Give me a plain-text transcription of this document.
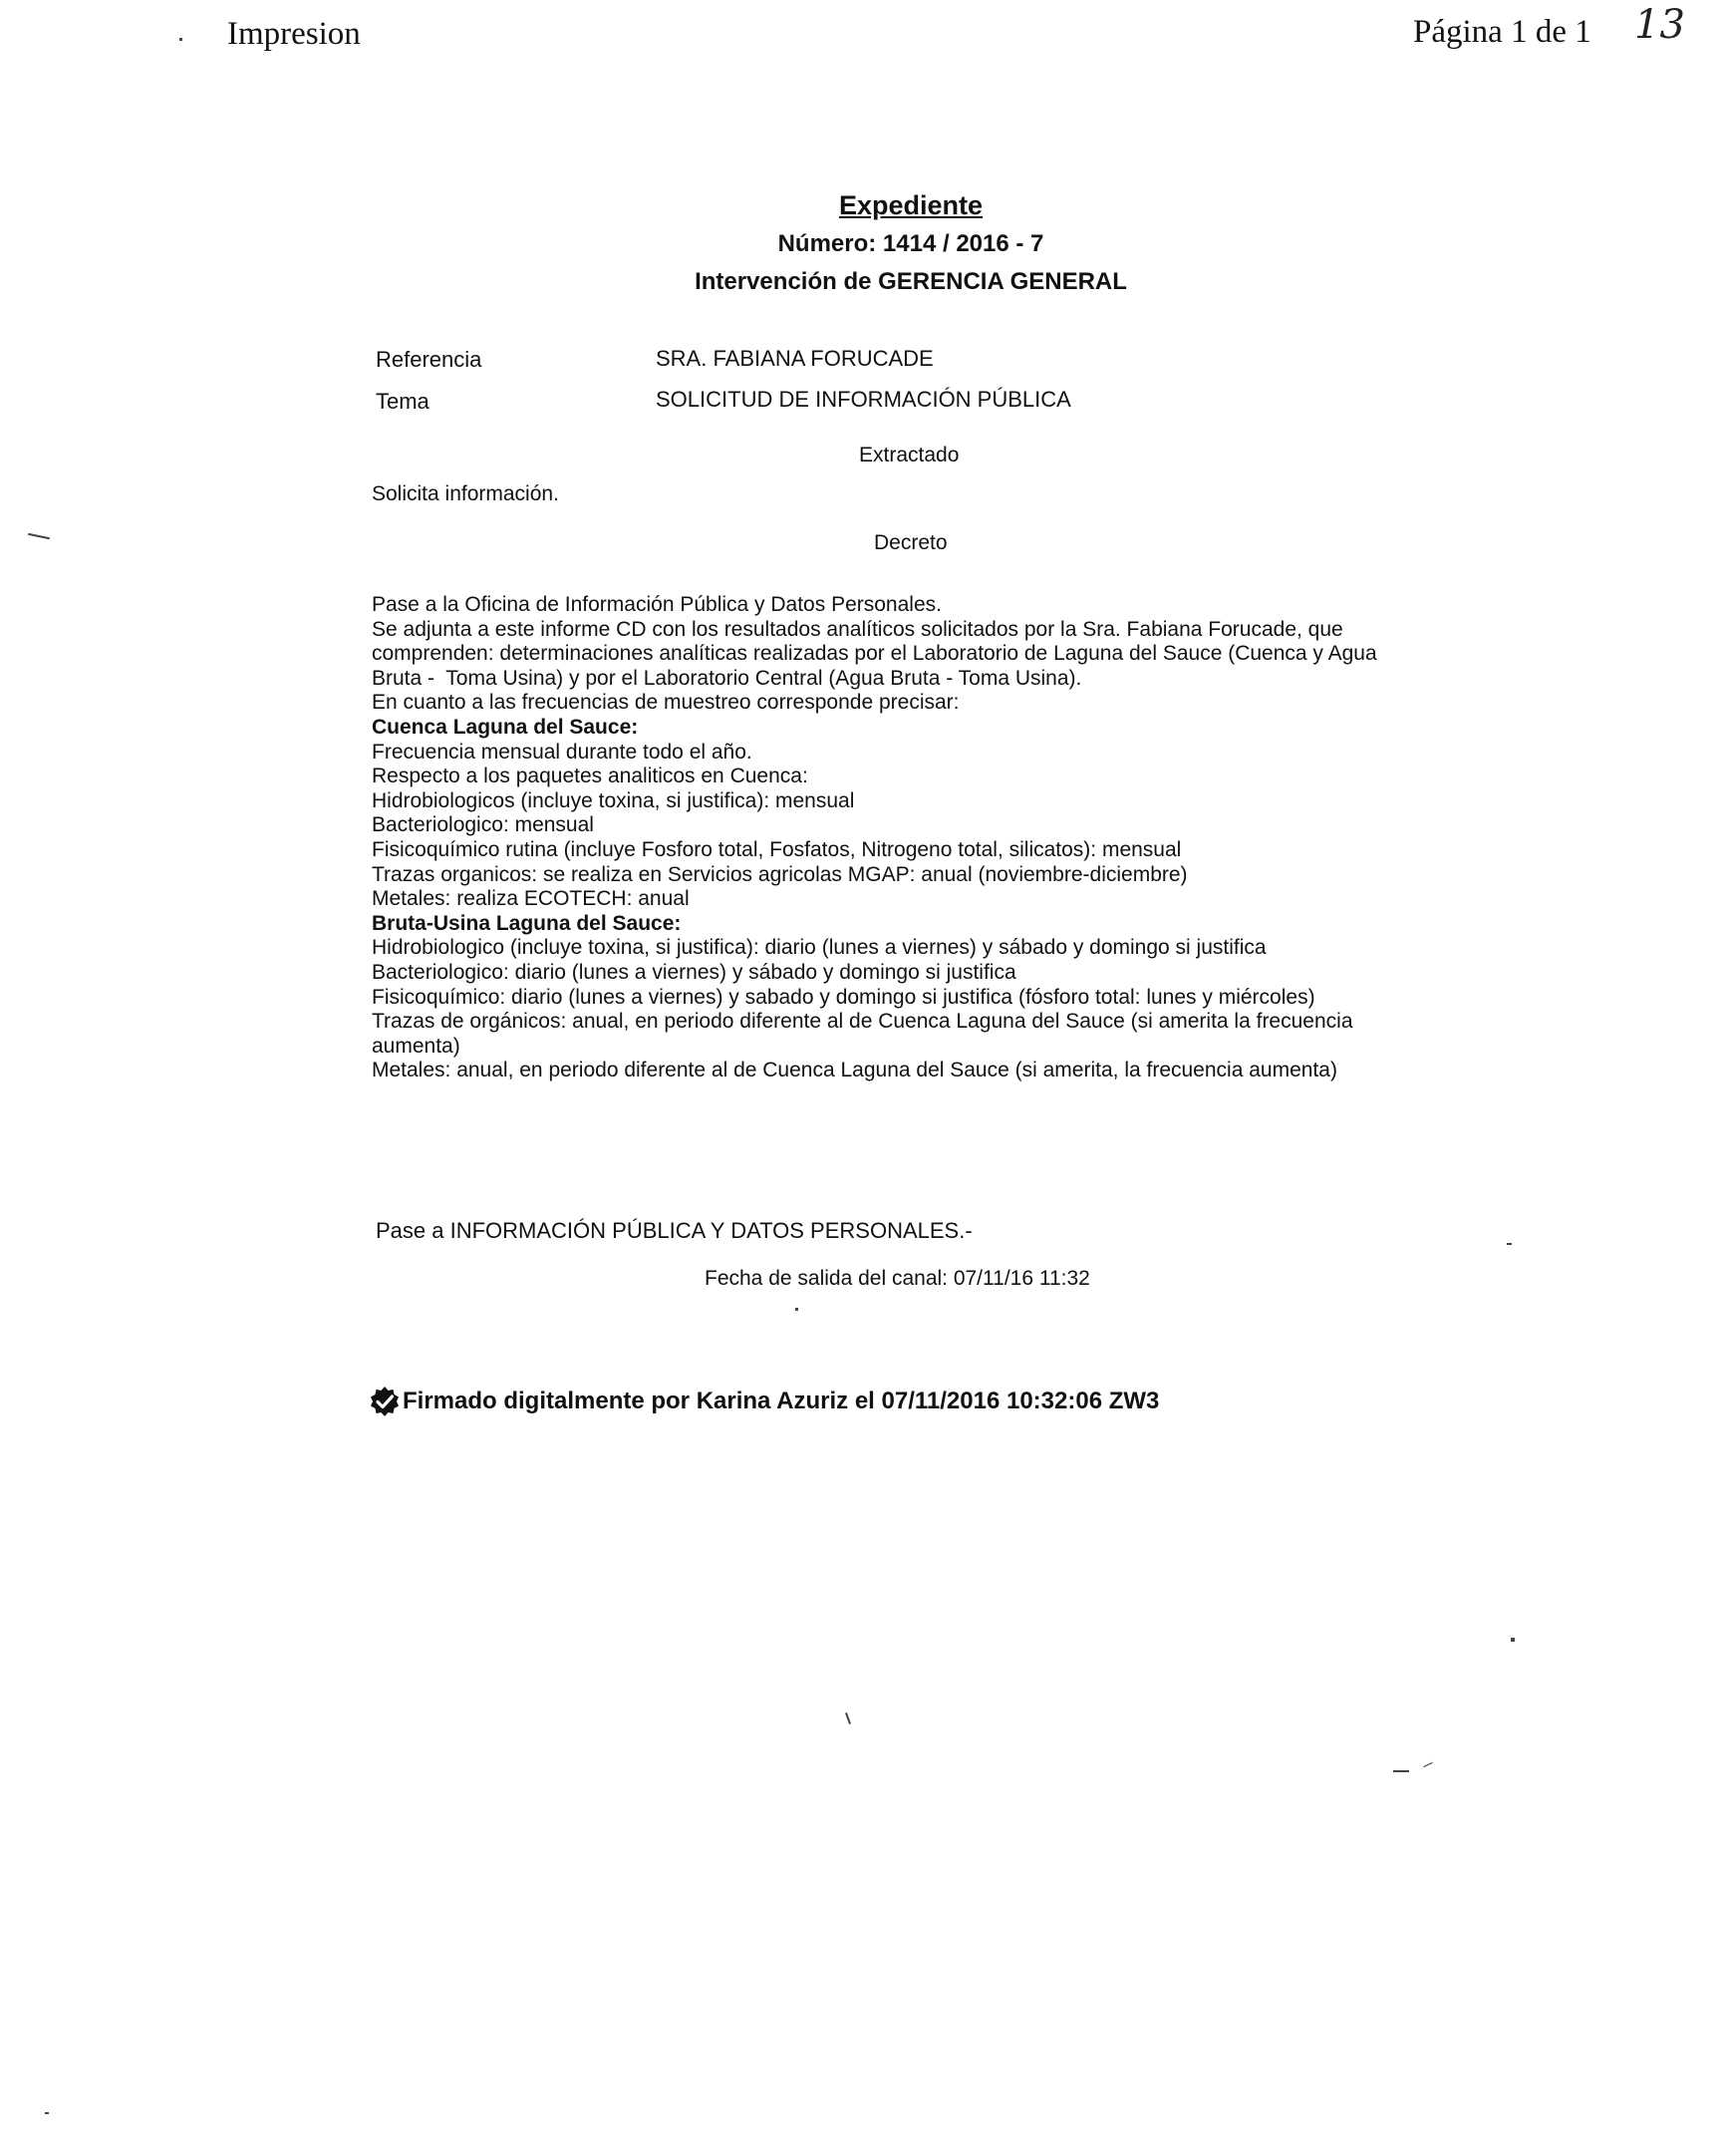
Impresion	Página 1 de 1 13
Expediente
Número: 1414 / 2016 - 7
Intervención de GERENCIA GENERAL
Referencia	SRA. FABIANA FORUCADE
Tema	SOLICITUD DE INFORMACIÓN PÚBLICA
Extractado
Solicita información.
Decreto
Pase a la Oficina de Información Pública y Datos Personales.
Se adjunta a este informe CD con los resultados analíticos solicitados por la Sra. Fabiana Forucade, que
comprenden: determinaciones analíticas realizadas por el Laboratorio de Laguna del Sauce (Cuenca y Agua
Bruta -  Toma Usina) y por el Laboratorio Central (Agua Bruta - Toma Usina).
En cuanto a las frecuencias de muestreo corresponde precisar:
Cuenca Laguna del Sauce:
Frecuencia mensual durante todo el año.
Respecto a los paquetes analiticos en Cuenca:
Hidrobiologicos (incluye toxina, si justifica): mensual
Bacteriologico: mensual
Fisicoquímico rutina (incluye Fosforo total, Fosfatos, Nitrogeno total, silicatos): mensual
Trazas organicos: se realiza en Servicios agricolas MGAP: anual (noviembre-diciembre)
Metales: realiza ECOTECH: anual
Bruta-Usina Laguna del Sauce:
Hidrobiologico (incluye toxina, si justifica): diario (lunes a viernes) y sábado y domingo si justifica
Bacteriologico: diario (lunes a viernes) y sábado y domingo si justifica
Fisicoquímico: diario (lunes a viernes) y sabado y domingo si justifica (fósforo total: lunes y miércoles)
Trazas de orgánicos: anual, en periodo diferente al de Cuenca Laguna del Sauce (si amerita la frecuencia
aumenta)
Metales: anual, en periodo diferente al de Cuenca Laguna del Sauce (si amerita, la frecuencia aumenta)
Pase a INFORMACIÓN PÚBLICA Y DATOS PERSONALES.-
Fecha de salida del canal: 07/11/16 11:32
Firmado digitalmente por Karina Azuriz el 07/11/2016 10:32:06 ZW3
